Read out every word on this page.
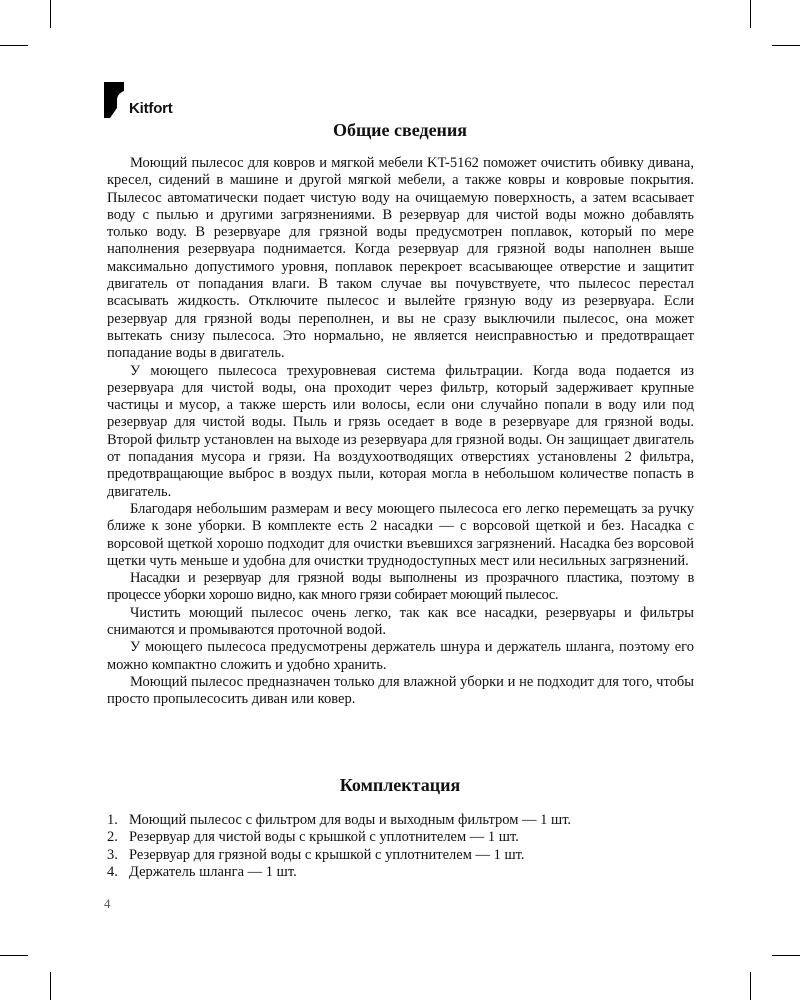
Kitfort
Общие сведения

Моющий пылесос для ковров и мягкой мебели KT-5162 поможет очистить обивку дивана, кресел, сидений в машине и другой мягкой мебели, а также ковры и ковровые покрытия. Пылесос автоматически подает чистую воду на очищаемую поверхность, а затем всасывает воду с пылью и другими загрязнениями. В резервуар для чистой воды можно добавлять только воду. В резервуаре для грязной воды предусмотрен поплавок, который по мере наполнения резервуара поднимается. Когда резервуар для грязной воды наполнен выше максимально допустимого уровня, поплавок перекроет всасывающее отверстие и защитит двигатель от попадания влаги. В таком случае вы почувствуете, что пылесос перестал всасывать жидкость. Отключите пылесос и вылейте грязную воду из резервуара. Если резервуар для грязной воды переполнен, и вы не сразу выключили пылесос, она может вытекать снизу пылесоса. Это нормально, не является неисправностью и предотвращает попадание воды в двигатель.

У моющего пылесоса трехуровневая система фильтрации. Когда вода подается из резервуара для чистой воды, она проходит через фильтр, который задерживает крупные частицы и мусор, а также шерсть или волосы, если они случайно попали в воду или под резервуар для чистой воды. Пыль и грязь оседает в воде в резервуаре для грязной воды. Второй фильтр установлен на выходе из резервуара для грязной воды. Он защищает двигатель от попадания мусора и грязи. На воздухоотводящих отверстиях установлены 2 фильтра, предотвращающие выброс в воздух пыли, которая могла в небольшом количестве попасть в двигатель.

Благодаря небольшим размерам и весу моющего пылесоса его легко перемещать за ручку ближе к зоне уборки. В комплекте есть 2 насадки — с ворсовой щеткой и без. Насадка с ворсовой щеткой хорошо подходит для очистки въевшихся загрязнений. Насадка без ворсовой щетки чуть меньше и удобна для очистки труднодоступных мест или несильных загрязнений.

Насадки и резервуар для грязной воды выполнены из прозрачного пластика, поэтому в процессе уборки хорошо видно, как много грязи собирает моющий пылесос.

Чистить моющий пылесос очень легко, так как все насадки, резервуары и фильтры снимаются и промываются проточной водой.

У моющего пылесоса предусмотрены держатель шнура и держатель шланга, поэтому его можно компактно сложить и удобно хранить.

Моющий пылесос предназначен только для влажной уборки и не подходит для того, чтобы просто пропылесосить диван или ковер.

Комплектация
1. Моющий пылесос с фильтром для воды и выходным фильтром — 1 шт.
2. Резервуар для чистой воды с крышкой с уплотнителем — 1 шт.
3. Резервуар для грязной воды с крышкой с уплотнителем — 1 шт.
4. Держатель шланга — 1 шт.
4
